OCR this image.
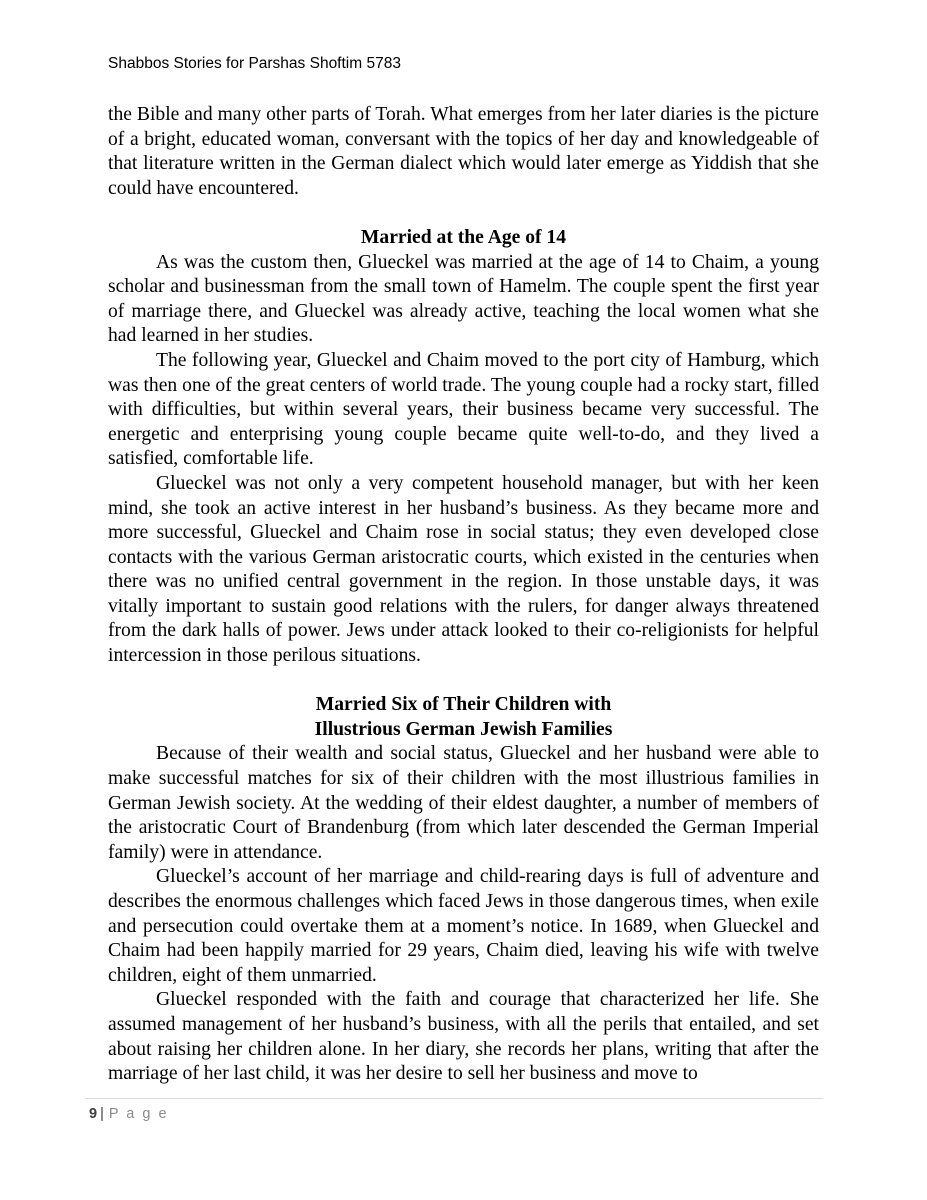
Shabbos Stories for Parshas Shoftim 5783

the Bible and many other parts of Torah. What emerges from her later diaries is the picture of a bright, educated woman, conversant with the topics of her day and knowledgeable of that literature written in the German dialect which would later emerge as Yiddish that she could have encountered.

Married at the Age of 14

As was the custom then, Glueckel was married at the age of 14 to Chaim, a young scholar and businessman from the small town of Hamelm. The couple spent the first year of marriage there, and Glueckel was already active, teaching the local women what she had learned in her studies.

The following year, Glueckel and Chaim moved to the port city of Hamburg, which was then one of the great centers of world trade. The young couple had a rocky start, filled with difficulties, but within several years, their business became very successful. The energetic and enterprising young couple became quite well-to-do, and they lived a satisfied, comfortable life.

Glueckel was not only a very competent household manager, but with her keen mind, she took an active interest in her husband’s business. As they became more and more successful, Glueckel and Chaim rose in social status; they even developed close contacts with the various German aristocratic courts, which existed in the centuries when there was no unified central government in the region. In those unstable days, it was vitally important to sustain good relations with the rulers, for danger always threatened from the dark halls of power. Jews under attack looked to their co-religionists for helpful intercession in those perilous situations.

Married Six of Their Children with
Illustrious German Jewish Families

Because of their wealth and social status, Glueckel and her husband were able to make successful matches for six of their children with the most illustrious families in German Jewish society. At the wedding of their eldest daughter, a number of members of the aristocratic Court of Brandenburg (from which later descended the German Imperial family) were in attendance.

Glueckel’s account of her marriage and child-rearing days is full of adventure and describes the enormous challenges which faced Jews in those dangerous times, when exile and persecution could overtake them at a moment’s notice. In 1689, when Glueckel and Chaim had been happily married for 29 years, Chaim died, leaving his wife with twelve children, eight of them unmarried.

Glueckel responded with the faith and courage that characterized her life. She assumed management of her husband’s business, with all the perils that entailed, and set about raising her children alone. In her diary, she records her plans, writing that after the marriage of her last child, it was her desire to sell her business and move to

9 | P a g e
